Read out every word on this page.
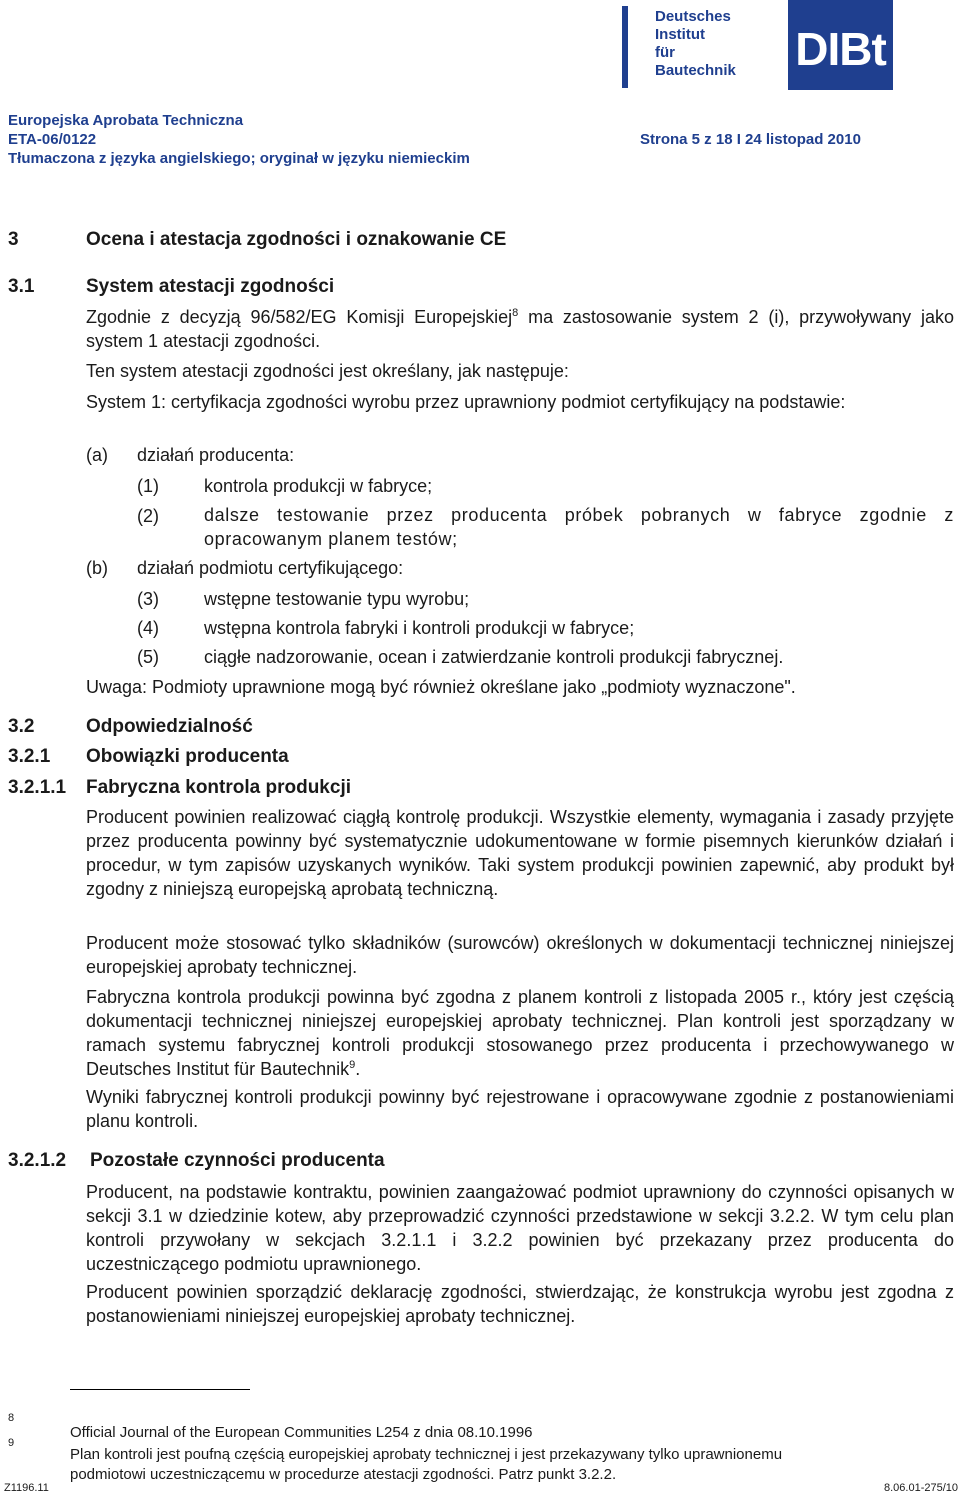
Deutsches
Institut
für
Bautechnik DIBt
Europejska Aprobata Techniczna
ETA-06/0122
Tłumaczona z języka angielskiego; oryginał w języku niemieckim
Strona 5 z 18 I 24 listopad 2010
3	Ocena i atestacja zgodności i oznakowanie CE
3.1	System atestacji zgodności
Zgodnie z decyzją 96/582/EG Komisji Europejskiej$^8$ ma zastosowanie system 2 (i), przywoływany jako system 1 atestacji zgodności.
Ten system atestacji zgodności jest określany, jak następuje:
System 1: certyfikacja zgodności wyrobu przez uprawniony podmiot certyfikujący na podstawie:
(a) działań producenta:
(1)	kontrola produkcji w fabryce;
(2)	dalsze testowanie przez producenta próbek pobranych w fabryce zgodnie z opracowanym planem testów;
(b) działań podmiotu certyfikującego:
(3)	wstępne testowanie typu wyrobu;
(4)	wstępna kontrola fabryki i kontroli produkcji w fabryce;
(5)	ciągłe nadzorowanie, ocean i zatwierdzanie kontroli produkcji fabrycznej.
Uwaga: Podmioty uprawnione mogą być również określane jako „podmioty wyznaczone".
3.2	Odpowiedzialność
3.2.1 Obowiązki producenta
3.2.1.1 Fabryczna kontrola produkcji
Producent powinien realizować ciągłą kontrolę produkcji. Wszystkie elementy, wymagania i zasady przyjęte przez producenta powinny być systematycznie udokumentowane w formie pisemnych kierunków działań i procedur, w tym zapisów uzyskanych wyników. Taki system produkcji powinien zapewnić, aby produkt był zgodny z niniejszą europejską aprobatą techniczną.
Producent może stosować tylko składników (surowców) określonych w dokumentacji technicznej niniejszej europejskiej aprobaty technicznej.
Fabryczna kontrola produkcji powinna być zgodna z planem kontroli z listopada 2005 r., który jest częścią dokumentacji technicznej niniejszej europejskiej aprobaty technicznej. Plan kontroli jest sporządzany w ramach systemu fabrycznej kontroli produkcji stosowanego przez producenta i przechowywanego w Deutsches Institut für Bautechnik$^9$.
Wyniki fabrycznej kontroli produkcji powinny być rejestrowane i opracowywane zgodnie z postanowieniami planu kontroli.
3.2.1.2 Pozostałe czynności producenta
Producent, na podstawie kontraktu, powinien zaangażować podmiot uprawniony do czynności opisanych w sekcji 3.1 w dziedzinie kotew, aby przeprowadzić czynności przedstawione w sekcji 3.2.2. W tym celu plan kontroli przywołany w sekcjach 3.2.1.1 i 3.2.2 powinien być przekazany przez producenta do uczestniczącego podmiotu uprawnionego.
Producent powinien sporządzić deklarację zgodności, stwierdzając, że konstrukcja wyrobu jest zgodna z postanowieniami niniejszej europejskiej aprobaty technicznej.
8
Official Journal of the European Communities L254 z dnia 08.10.1996
9
Plan kontroli jest poufną częścią europejskiej aprobaty technicznej i jest przekazywany tylko uprawnionemu
podmiotowi uczestniczącemu w procedurze atestacji zgodności. Patrz punkt 3.2.2.
Z1196.11	8.06.01-275/10
